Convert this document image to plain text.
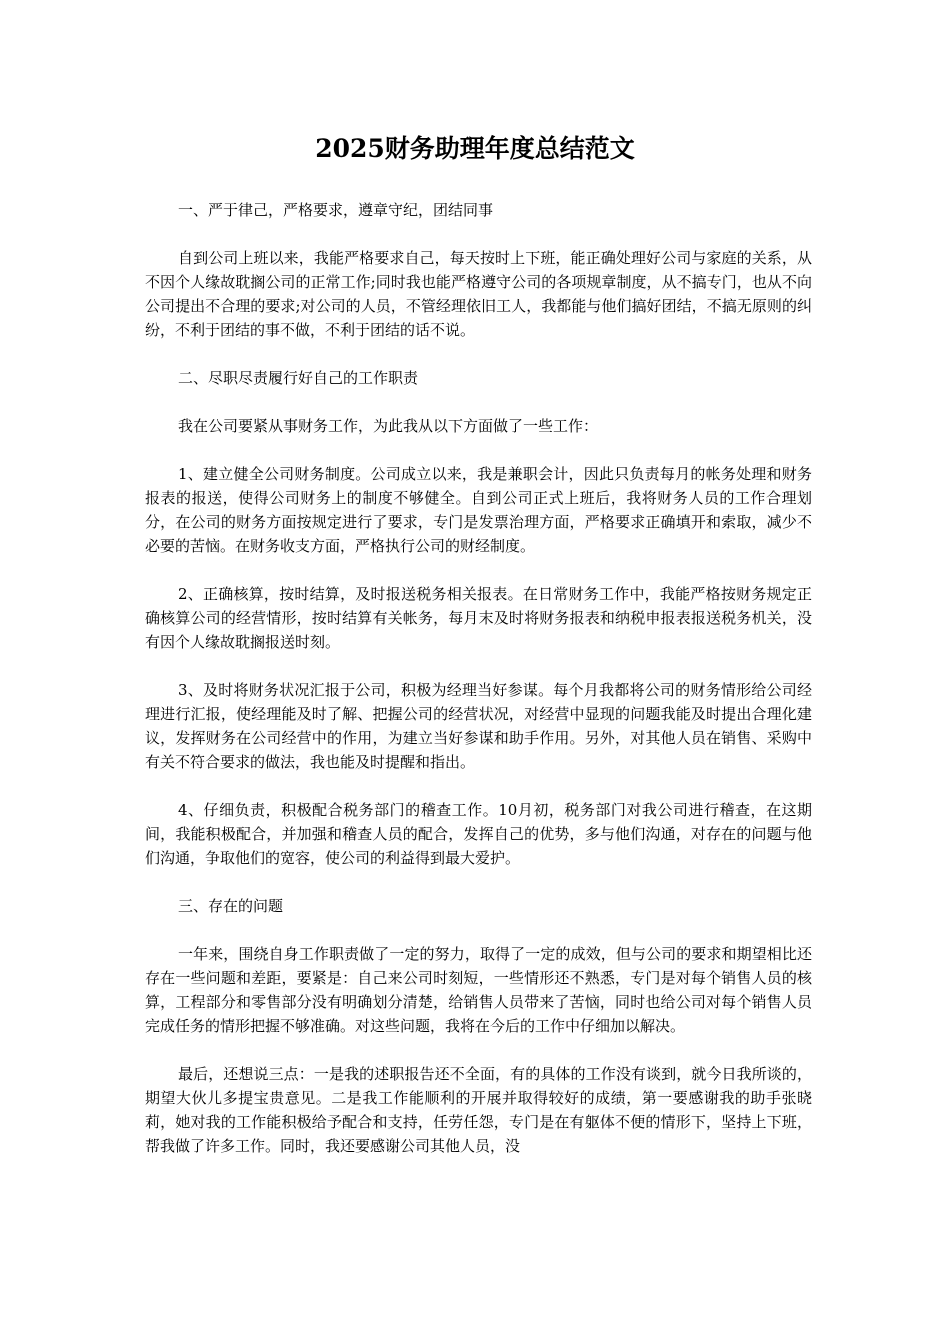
2025财务助理年度总结范文

一、严于律己，严格要求，遵章守纪，团结同事

自到公司上班以来，我能严格要求自己，每天按时上下班，能正确处理好公司与家庭的关系，从不因个人缘故耽搁公司的正常工作;同时我也能严格遵守公司的各项规章制度，从不搞专门，也从不向公司提出不合理的要求;对公司的人员，不管经理依旧工人，我都能与他们搞好团结，不搞无原则的纠纷，不利于团结的事不做，不利于团结的话不说。

二、尽职尽责履行好自己的工作职责

我在公司要紧从事财务工作，为此我从以下方面做了一些工作：

1、建立健全公司财务制度。公司成立以来，我是兼职会计，因此只负责每月的帐务处理和财务报表的报送，使得公司财务上的制度不够健全。自到公司正式上班后，我将财务人员的工作合理划分，在公司的财务方面按规定进行了要求，专门是发票治理方面，严格要求正确填开和索取，减少不必要的苦恼。在财务收支方面，严格执行公司的财经制度。

2、正确核算，按时结算，及时报送税务相关报表。在日常财务工作中，我能严格按财务规定正确核算公司的经营情形，按时结算有关帐务，每月末及时将财务报表和纳税申报表报送税务机关，没有因个人缘故耽搁报送时刻。

3、及时将财务状况汇报于公司，积极为经理当好参谋。每个月我都将公司的财务情形给公司经理进行汇报，使经理能及时了解、把握公司的经营状况，对经营中显现的问题我能及时提出合理化建议，发挥财务在公司经营中的作用，为建立当好参谋和助手作用。另外，对其他人员在销售、采购中有关不符合要求的做法，我也能及时提醒和指出。

4、仔细负责，积极配合税务部门的稽查工作。10月初，税务部门对我公司进行稽查，在这期间，我能积极配合，并加强和稽查人员的配合，发挥自己的优势，多与他们沟通，对存在的问题与他们沟通，争取他们的宽容，使公司的利益得到最大爱护。

三、存在的问题

一年来，围绕自身工作职责做了一定的努力，取得了一定的成效，但与公司的要求和期望相比还存在一些问题和差距，要紧是：自己来公司时刻短，一些情形还不熟悉，专门是对每个销售人员的核算，工程部分和零售部分没有明确划分清楚，给销售人员带来了苦恼，同时也给公司对每个销售人员完成任务的情形把握不够准确。对这些问题，我将在今后的工作中仔细加以解决。

最后，还想说三点：一是我的述职报告还不全面，有的具体的工作没有谈到，就今日我所谈的，期望大伙儿多提宝贵意见。二是我工作能顺利的开展并取得较好的成绩，第一要感谢我的助手张晓莉，她对我的工作能积极给予配合和支持，任劳任怨，专门是在有躯体不便的情形下，坚持上下班，帮我做了许多工作。同时，我还要感谢公司其他人员，没
